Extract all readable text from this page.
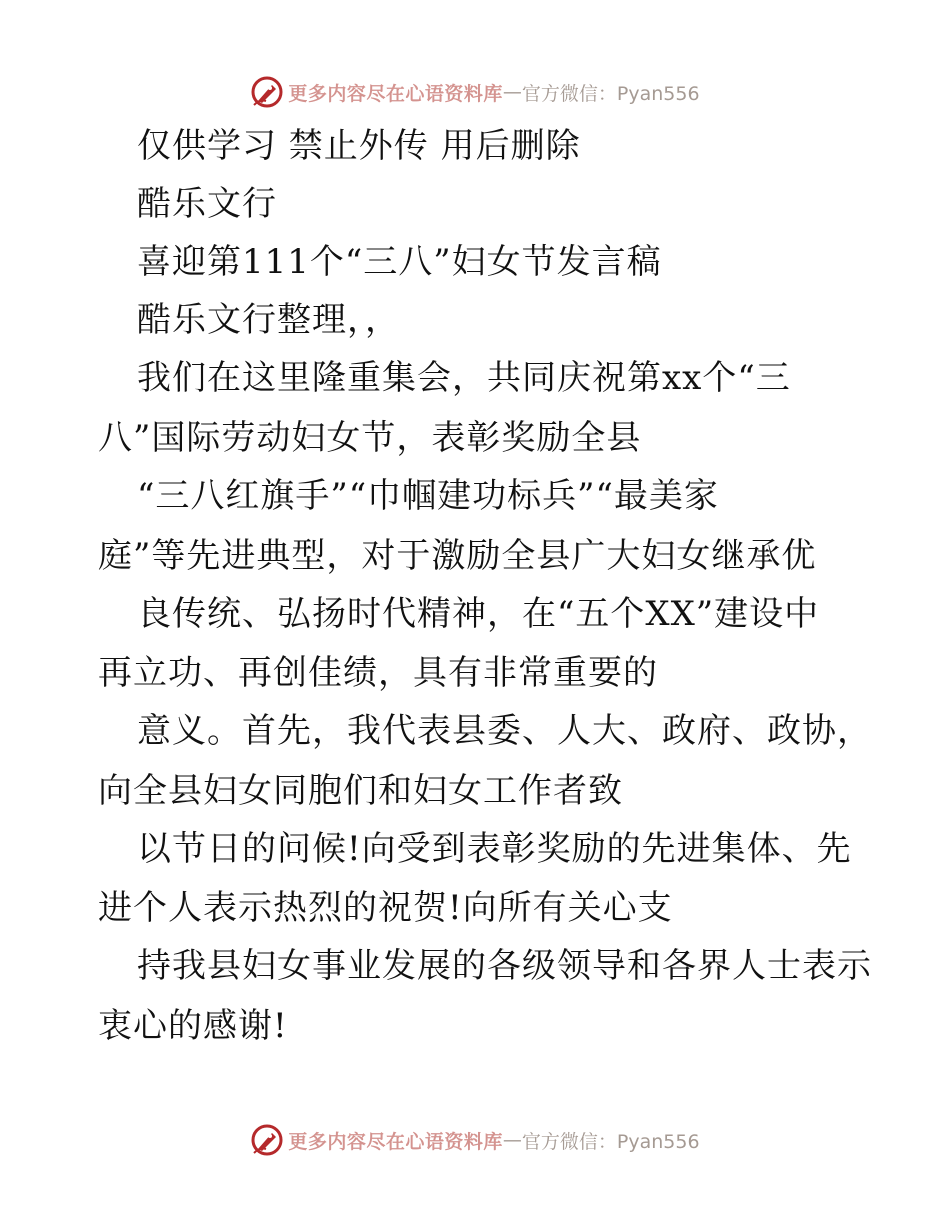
更多内容尽在心语资料库 — 官方微信：Pyan556
仅供学习 禁止外传 用后删除
酷乐文行
喜迎第111个“三八”妇女节发言稿
酷乐文行整理，，
我们在这里隆重集会，共同庆祝第xx个“三
八”国际劳动妇女节，表彰奖励全县
“三八红旗手”“巾帼建功标兵”“最美家
庭”等先进典型，对于激励全县广大妇女继承优
良传统、弘扬时代精神，在“五个XX”建设中
再立功、再创佳绩，具有非常重要的
意义。首先，我代表县委、人大、政府、政协，
向全县妇女同胞们和妇女工作者致
以节日的问候!向受到表彰奖励的先进集体、先
进个人表示热烈的祝贺!向所有关心支
持我县妇女事业发展的各级领导和各界人士表示
衷心的感谢!
更多内容尽在心语资料库 — 官方微信：Pyan556
